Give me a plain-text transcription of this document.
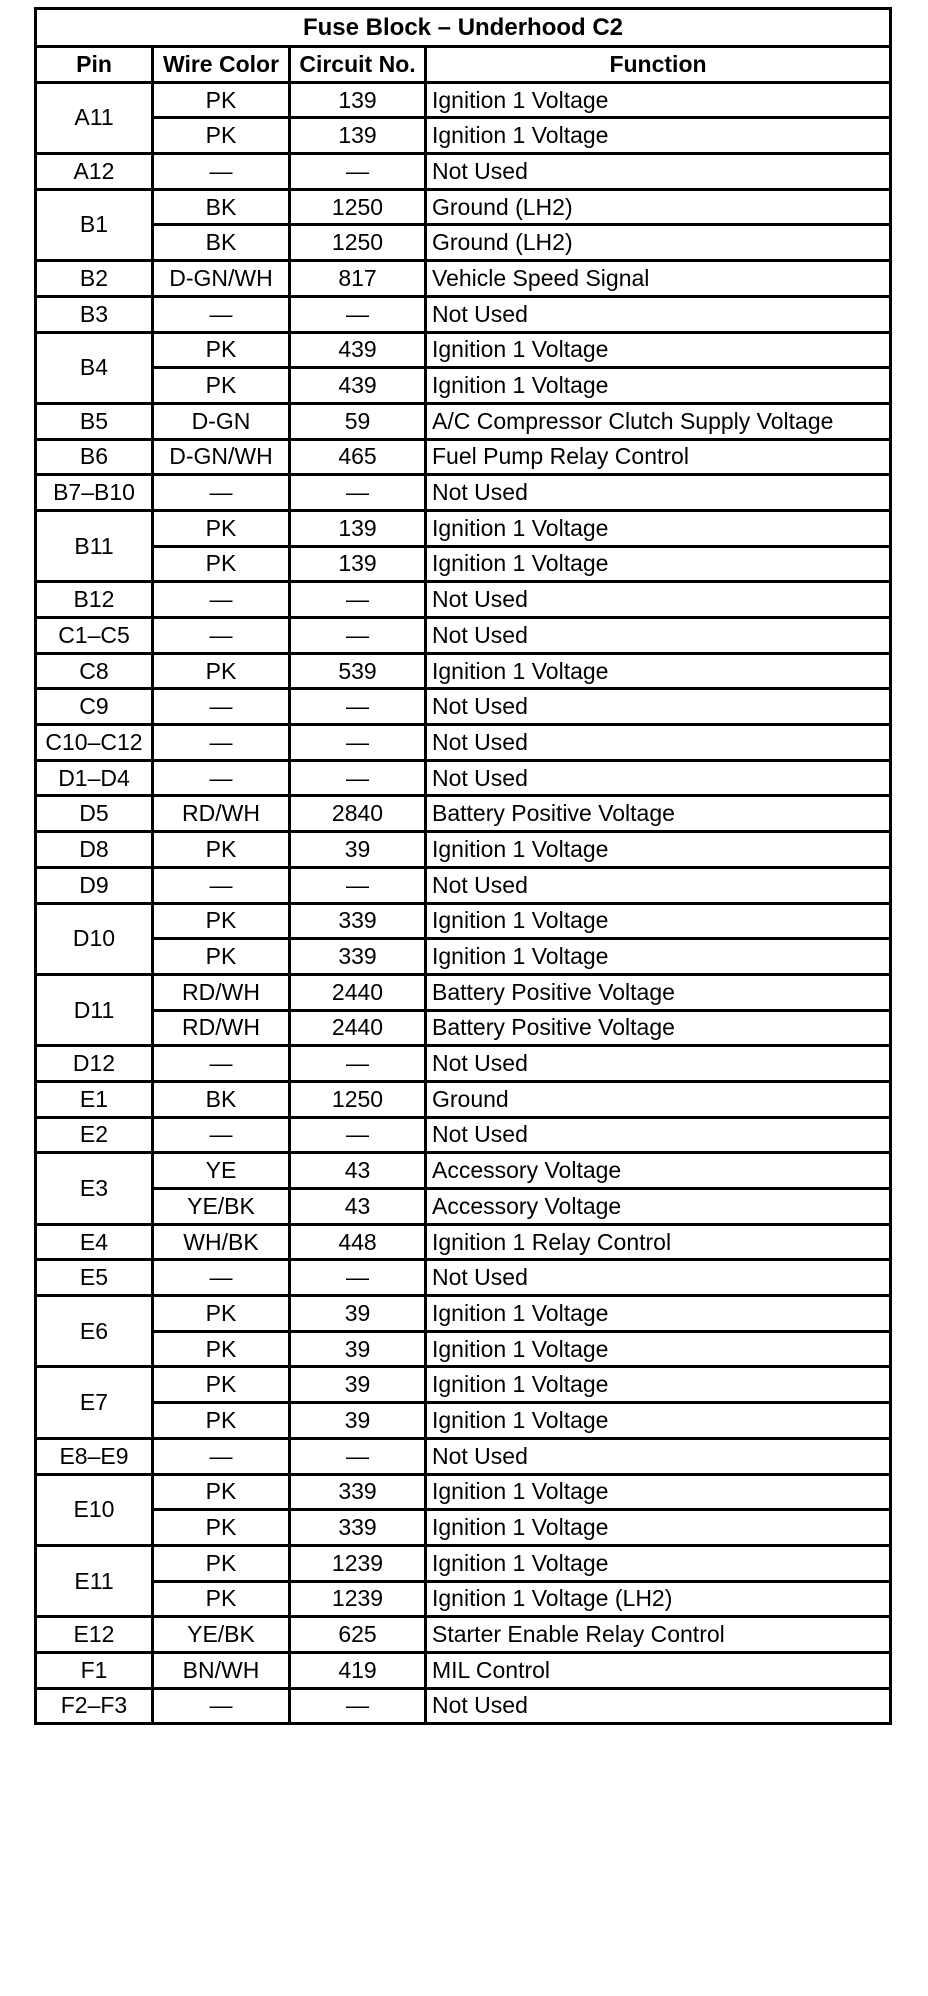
Fuse Block – Underhood C2			
Pin	Wire Color	Circuit No.	Function
A11	PK	139	Ignition 1 Voltage
	PK	139	Ignition 1 Voltage
A12	—	—	Not Used
B1	BK	1250	Ground (LH2)
	BK	1250	Ground (LH2)
B2	D-GN/WH	817	Vehicle Speed Signal
B3	—	—	Not Used
B4	PK	439	Ignition 1 Voltage
	PK	439	Ignition 1 Voltage
B5	D-GN	59	A/C Compressor Clutch Supply Voltage
B6	D-GN/WH	465	Fuel Pump Relay Control
B7–B10	—	—	Not Used
B11	PK	139	Ignition 1 Voltage
	PK	139	Ignition 1 Voltage
B12	—	—	Not Used
C1–C5	—	—	Not Used
C8	PK	539	Ignition 1 Voltage
C9	—	—	Not Used
C10–C12	—	—	Not Used
D1–D4	—	—	Not Used
D5	RD/WH	2840	Battery Positive Voltage
D8	PK	39	Ignition 1 Voltage
D9	—	—	Not Used
D10	PK	339	Ignition 1 Voltage
	PK	339	Ignition 1 Voltage
D11	RD/WH	2440	Battery Positive Voltage
	RD/WH	2440	Battery Positive Voltage
D12	—	—	Not Used
E1	BK	1250	Ground
E2	—	—	Not Used
E3	YE	43	Accessory Voltage
	YE/BK	43	Accessory Voltage
E4	WH/BK	448	Ignition 1 Relay Control
E5	—	—	Not Used
E6	PK	39	Ignition 1 Voltage
	PK	39	Ignition 1 Voltage
E7	PK	39	Ignition 1 Voltage
	PK	39	Ignition 1 Voltage
E8–E9	—	—	Not Used
E10	PK	339	Ignition 1 Voltage
	PK	339	Ignition 1 Voltage
E11	PK	1239	Ignition 1 Voltage
	PK	1239	Ignition 1 Voltage (LH2)
E12	YE/BK	625	Starter Enable Relay Control
F1	BN/WH	419	MIL Control
F2–F3	—	—	Not Used
